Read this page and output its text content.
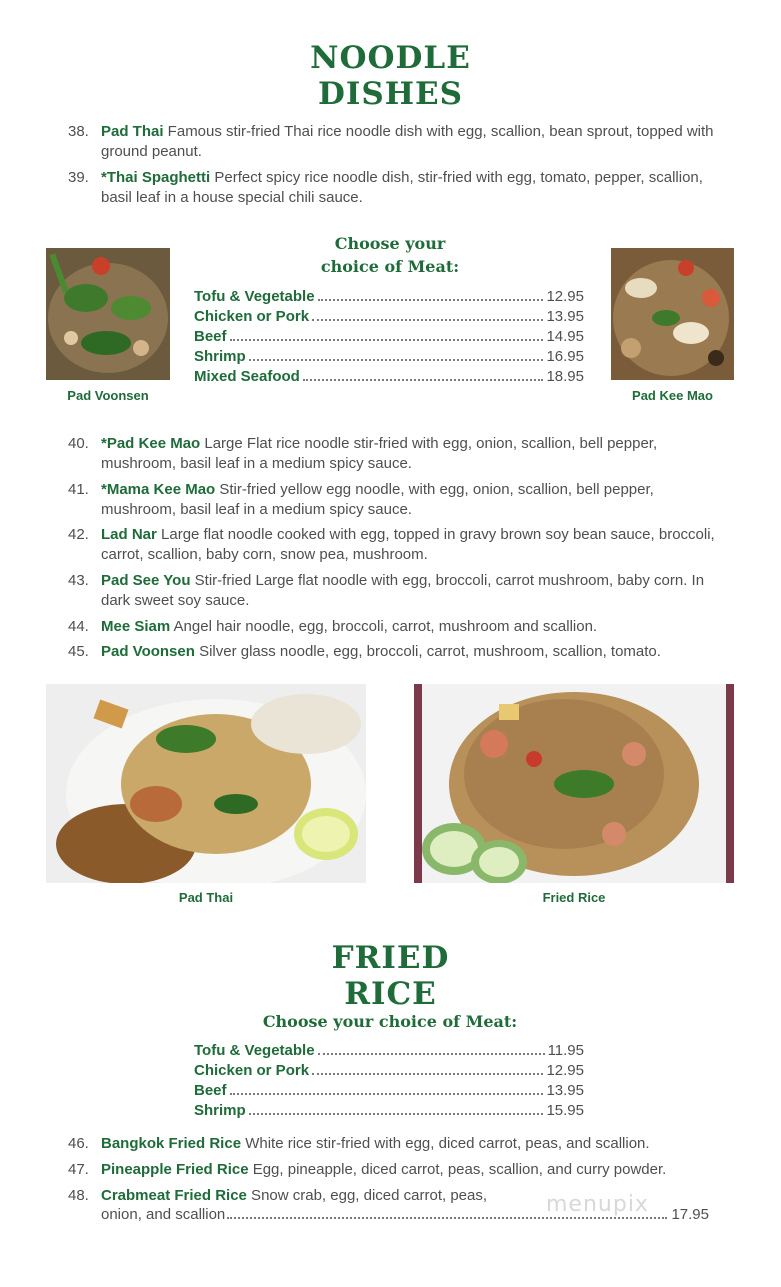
NOODLE
DISHES
38. Pad Thai Famous stir-fried Thai rice noodle dish with egg, scallion, bean sprout, topped with ground peanut.
39. *Thai Spaghetti Perfect spicy rice noodle dish, stir-fried with egg, tomato, pepper, scallion, basil leaf in a house special chili sauce.
Pad Voonsen	Pad Kee Mao
Choose your
choice of Meat:
Tofu & Vegetable	12.95
Chicken or Pork	13.95
Beef	14.95
Shrimp	16.95
Mixed Seafood	18.95
40. *Pad Kee Mao Large Flat rice noodle stir-fried with egg, onion, scallion, bell pepper, mushroom, basil leaf in a medium spicy sauce.
41. *Mama Kee Mao Stir-fried yellow egg noodle, with egg, onion, scallion, bell pepper, mushroom, basil leaf in a medium spicy sauce.
42. Lad Nar Large flat noodle cooked with egg, topped in gravy brown soy bean sauce, broccoli, carrot, scallion, baby corn, snow pea, mushroom.
43. Pad See You Stir-fried Large flat noodle with egg, broccoli, carrot mushroom, baby corn. In dark sweet soy sauce.
44. Mee Siam Angel hair noodle, egg, broccoli, carrot, mushroom and scallion.
45. Pad Voonsen Silver glass noodle, egg, broccoli, carrot, mushroom, scallion, tomato.
Pad Thai	Fried Rice
FRIED
RICE
Choose your choice of Meat:
Tofu & Vegetable	11.95
Chicken or Pork	12.95
Beef	13.95
Shrimp	15.95
46. Bangkok Fried Rice White rice stir-fried with egg, diced carrot, peas, and scallion.
47. Pineapple Fried Rice Egg, pineapple, diced carrot, peas, scallion, and curry powder.
48. Crabmeat Fried Rice Snow crab, egg, diced carrot, peas,	menupix
onion, and scallion	17.95
